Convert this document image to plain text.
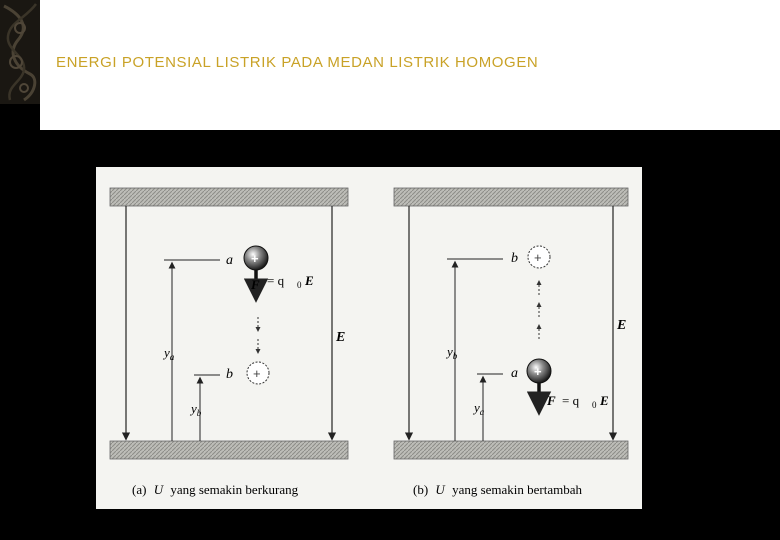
ENERGI POTENSIAL LISTRIK PADA MEDAN LISTRIK HOMOGEN
$y_a$
$y_b$
a +
F = q 0 E
b +
E
(a) U yang semakin berkurang
$y_b$
$y_a$
b +
a +
F = q 0 E
E
(b) U yang semakin bertambah
